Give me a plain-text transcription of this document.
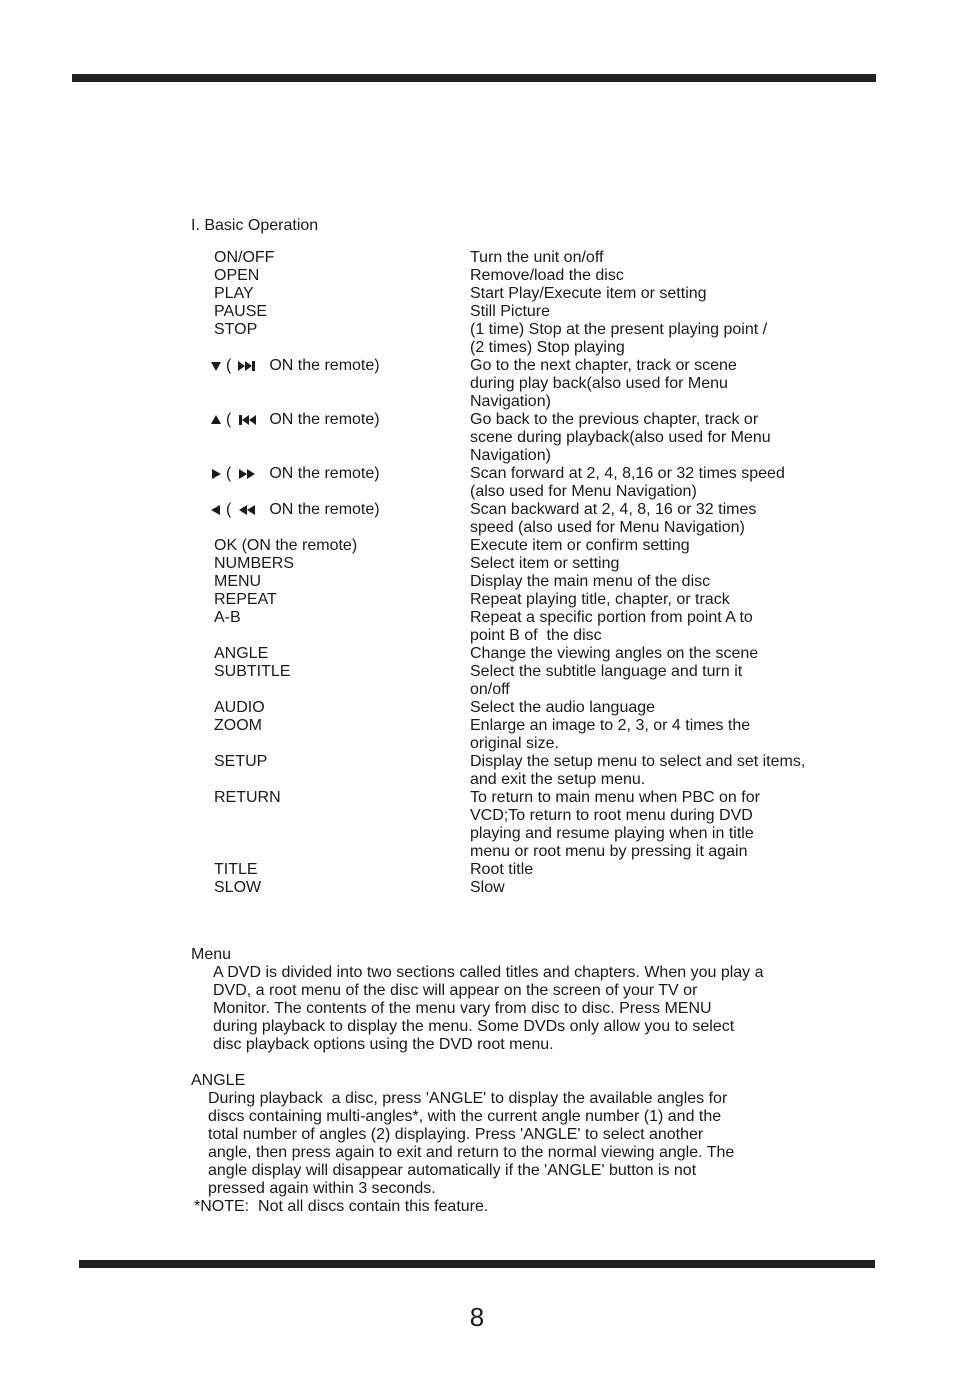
I. Basic Operation
ON/OFF	Turn the unit on/off
OPEN	Remove/load the disc
PLAY	Start Play/Execute item or setting
PAUSE	Still Picture
STOP	(1 time) Stop at the present playing point /
(2 times) Stop playing
( ON the remote)	Go to the next chapter, track or scene
during play back(also used for Menu
Navigation)
( ON the remote)	Go back to the previous chapter, track or
scene during playback(also used for Menu
Navigation)
( ON the remote)	Scan forward at 2, 4, 8,16 or 32 times speed
(also used for Menu Navigation)
( ON the remote)	Scan backward at 2, 4, 8, 16 or 32 times
speed (also used for Menu Navigation)
OK (ON the remote)	Execute item or confirm setting
NUMBERS	Select item or setting
MENU	Display the main menu of the disc
REPEAT	Repeat playing title, chapter, or track
A-B	Repeat a specific portion from point A to
point B of  the disc
ANGLE	Change the viewing angles on the scene
SUBTITLE	Select the subtitle language and turn it
on/off
AUDIO	Select the audio language
ZOOM	Enlarge an image to 2, 3, or 4 times the
original size.
SETUP	Display the setup menu to select and set items,
and exit the setup menu.
RETURN	To return to main menu when PBC on for
VCD;To return to root menu during DVD
playing and resume playing when in title
menu or root menu by pressing it again
TITLE	Root title
SLOW	Slow
Menu

A DVD is divided into two sections called titles and chapters. When you play a
DVD, a root menu of the disc will appear on the screen of your TV or
Monitor. The contents of the menu vary from disc to disc. Press MENU
during playback to display the menu. Some DVDs only allow you to select
disc playback options using the DVD root menu.

ANGLE

During playback  a disc, press 'ANGLE' to display the available angles for
discs containing multi-angles*, with the current angle number (1) and the
total number of angles (2) displaying. Press 'ANGLE' to select another
angle, then press again to exit and return to the normal viewing angle. The
angle display will disappear automatically if the 'ANGLE' button is not
pressed again within 3 seconds.

*NOTE:  Not all discs contain this feature.

8
